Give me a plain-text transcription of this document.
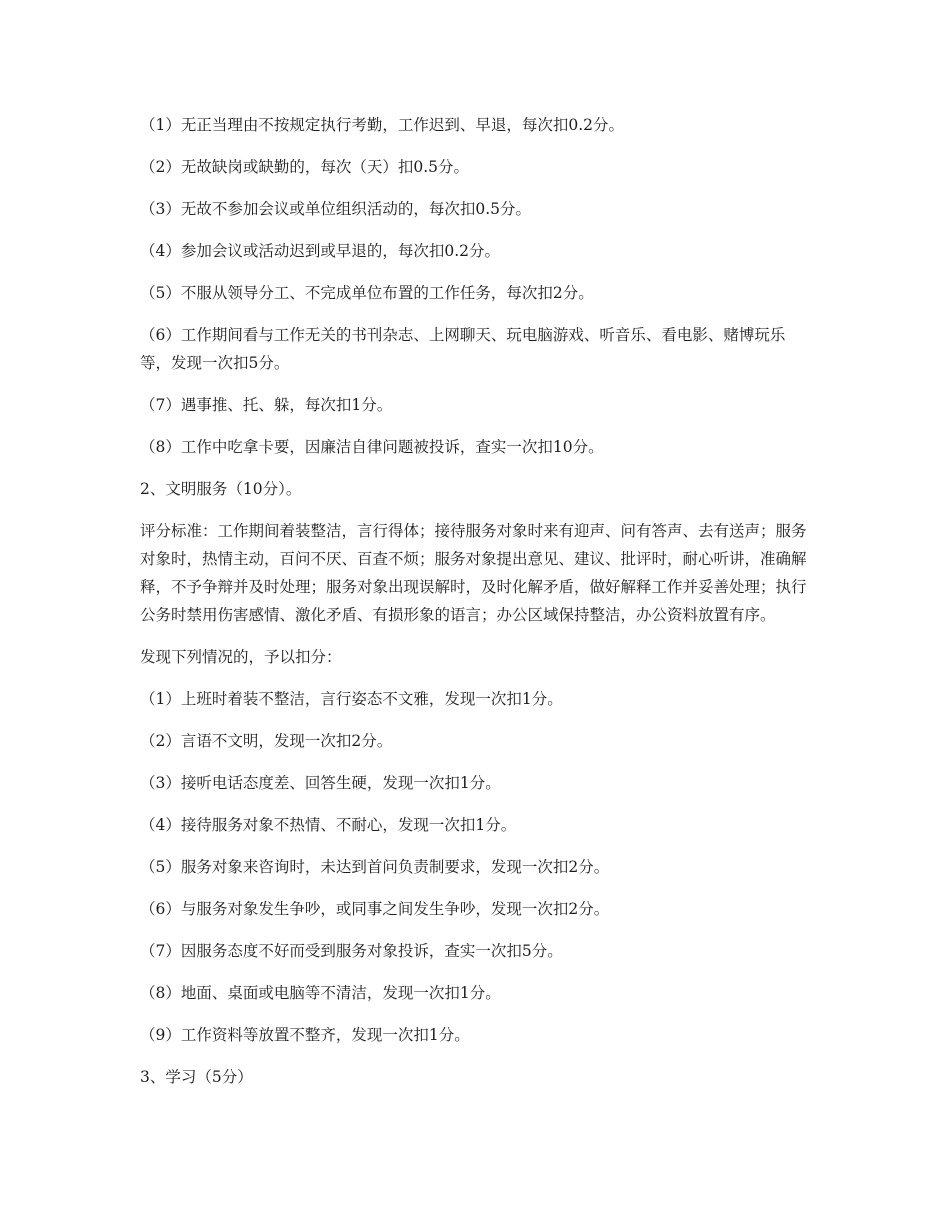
（1）无正当理由不按规定执行考勤，工作迟到、早退，每次扣0.2分。

（2）无故缺岗或缺勤的，每次（天）扣0.5分。

（3）无故不参加会议或单位组织活动的，每次扣0.5分。

（4）参加会议或活动迟到或早退的，每次扣0.2分。

（5）不服从领导分工、不完成单位布置的工作任务，每次扣2分。

（6）工作期间看与工作无关的书刊杂志、上网聊天、玩电脑游戏、听音乐、看电影、赌博玩乐等，发现一次扣5分。

（7）遇事推、托、躲，每次扣1分。

（8）工作中吃拿卡要，因廉洁自律问题被投诉，查实一次扣10分。

2、文明服务（10分）。

评分标准：工作期间着装整洁，言行得体；接待服务对象时来有迎声、问有答声、去有送声；服务对象时，热情主动，百问不厌、百查不烦；服务对象提出意见、建议、批评时，耐心听讲，准确解释，不予争辩并及时处理；服务对象出现误解时，及时化解矛盾，做好解释工作并妥善处理；执行公务时禁用伤害感情、激化矛盾、有损形象的语言；办公区域保持整洁，办公资料放置有序。

发现下列情况的，予以扣分：

（1）上班时着装不整洁，言行姿态不文雅，发现一次扣1分。

（2）言语不文明，发现一次扣2分。

（3）接听电话态度差、回答生硬，发现一次扣1分。

（4）接待服务对象不热情、不耐心，发现一次扣1分。

（5）服务对象来咨询时，未达到首问负责制要求，发现一次扣2分。

（6）与服务对象发生争吵，或同事之间发生争吵，发现一次扣2分。

（7）因服务态度不好而受到服务对象投诉，查实一次扣5分。

（8）地面、桌面或电脑等不清洁，发现一次扣1分。

（9）工作资料等放置不整齐，发现一次扣1分。

3、学习（5分）
